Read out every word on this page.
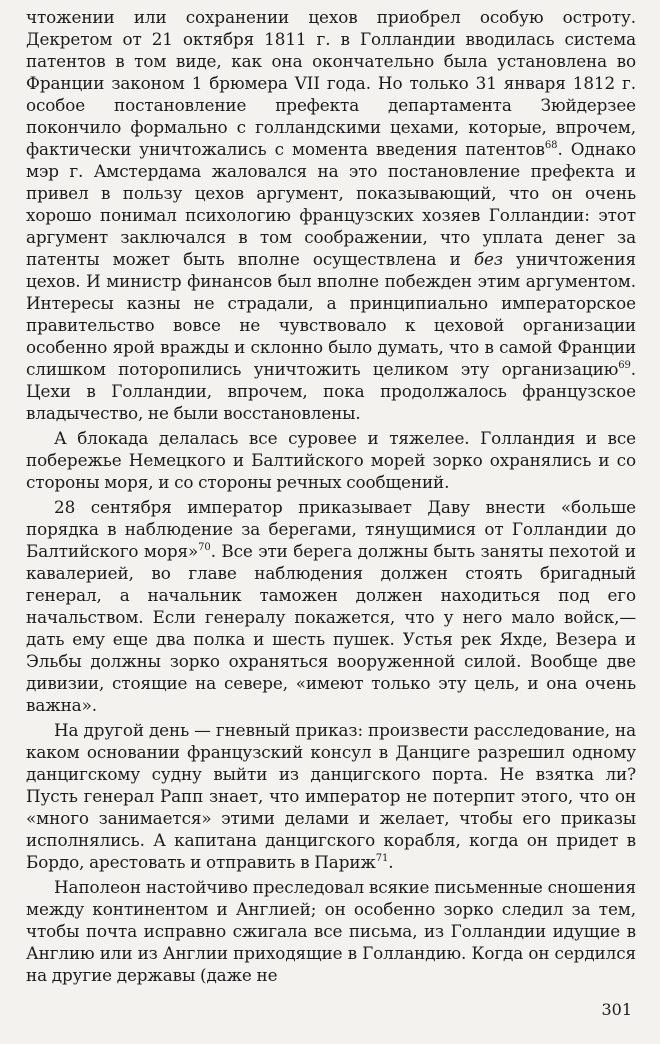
чтожении или сохранении цехов приобрел особую остроту. Декретом от 21 октября 1811 г. в Голландии вводилась система патентов в том виде, как она окончательно была установлена во Франции законом 1 брюмера VII года. Но только 31 января 1812 г. особое постановление префекта департамента Зюйдерзее покончило формально с голландскими цехами, которые, впрочем, фактически уничтожались с момента введения патентов$^{68}$. Однако мэр г. Амстердама жаловался на это постановление префекта и привел в пользу цехов аргумент, показывающий, что он очень хорошо понимал психологию французских хозяев Голландии: этот аргумент заключался в том соображении, что уплата денег за патенты может быть вполне осуществлена и без уничтожения цехов. И министр финансов был вполне побежден этим аргументом. Интересы казны не страдали, а принципиально императорское правительство вовсе не чувствовало к цеховой организации особенно ярой вражды и склонно было думать, что в самой Франции слишком поторопились уничтожить целиком эту организацию$^{69}$. Цехи в Голландии, впрочем, пока продолжалось французское владычество, не были восстановлены.

А блокада делалась все суровее и тяжелее. Голландия и все побережье Немецкого и Балтийского морей зорко охранялись и со стороны моря, и со стороны речных сообщений.

28 сентября император приказывает Даву внести «больше порядка в наблюдение за берегами, тянущимися от Голландии до Балтийского моря»$^{70}$. Все эти берега должны быть заняты пехотой и кавалерией, во главе наблюдения должен стоять бригадный генерал, а начальник таможен должен находиться под его начальством. Если генералу покажется, что у него мало войск,— дать ему еще два полка и шесть пушек. Устья рек Яхде, Везера и Эльбы должны зорко охраняться вооруженной силой. Вообще две дивизии, стоящие на севере, «имеют только эту цель, и она очень важна».

На другой день — гневный приказ: произвести расследование, на каком основании французский консул в Данциге разрешил одному данцигскому судну выйти из данцигского порта. Не взятка ли? Пусть генерал Рапп знает, что император не потерпит этого, что он «много занимается» этими делами и желает, чтобы его приказы исполнялись. А капитана данцигского корабля, когда он придет в Бордо, арестовать и отправить в Париж$^{71}$.

Наполеон настойчиво преследовал всякие письменные сношения между континентом и Англией; он особенно зорко следил за тем, чтобы почта исправно сжигала все письма, из Голландии идущие в Англию или из Англии приходящие в Голландию. Когда он сердился на другие державы (даже не

301
